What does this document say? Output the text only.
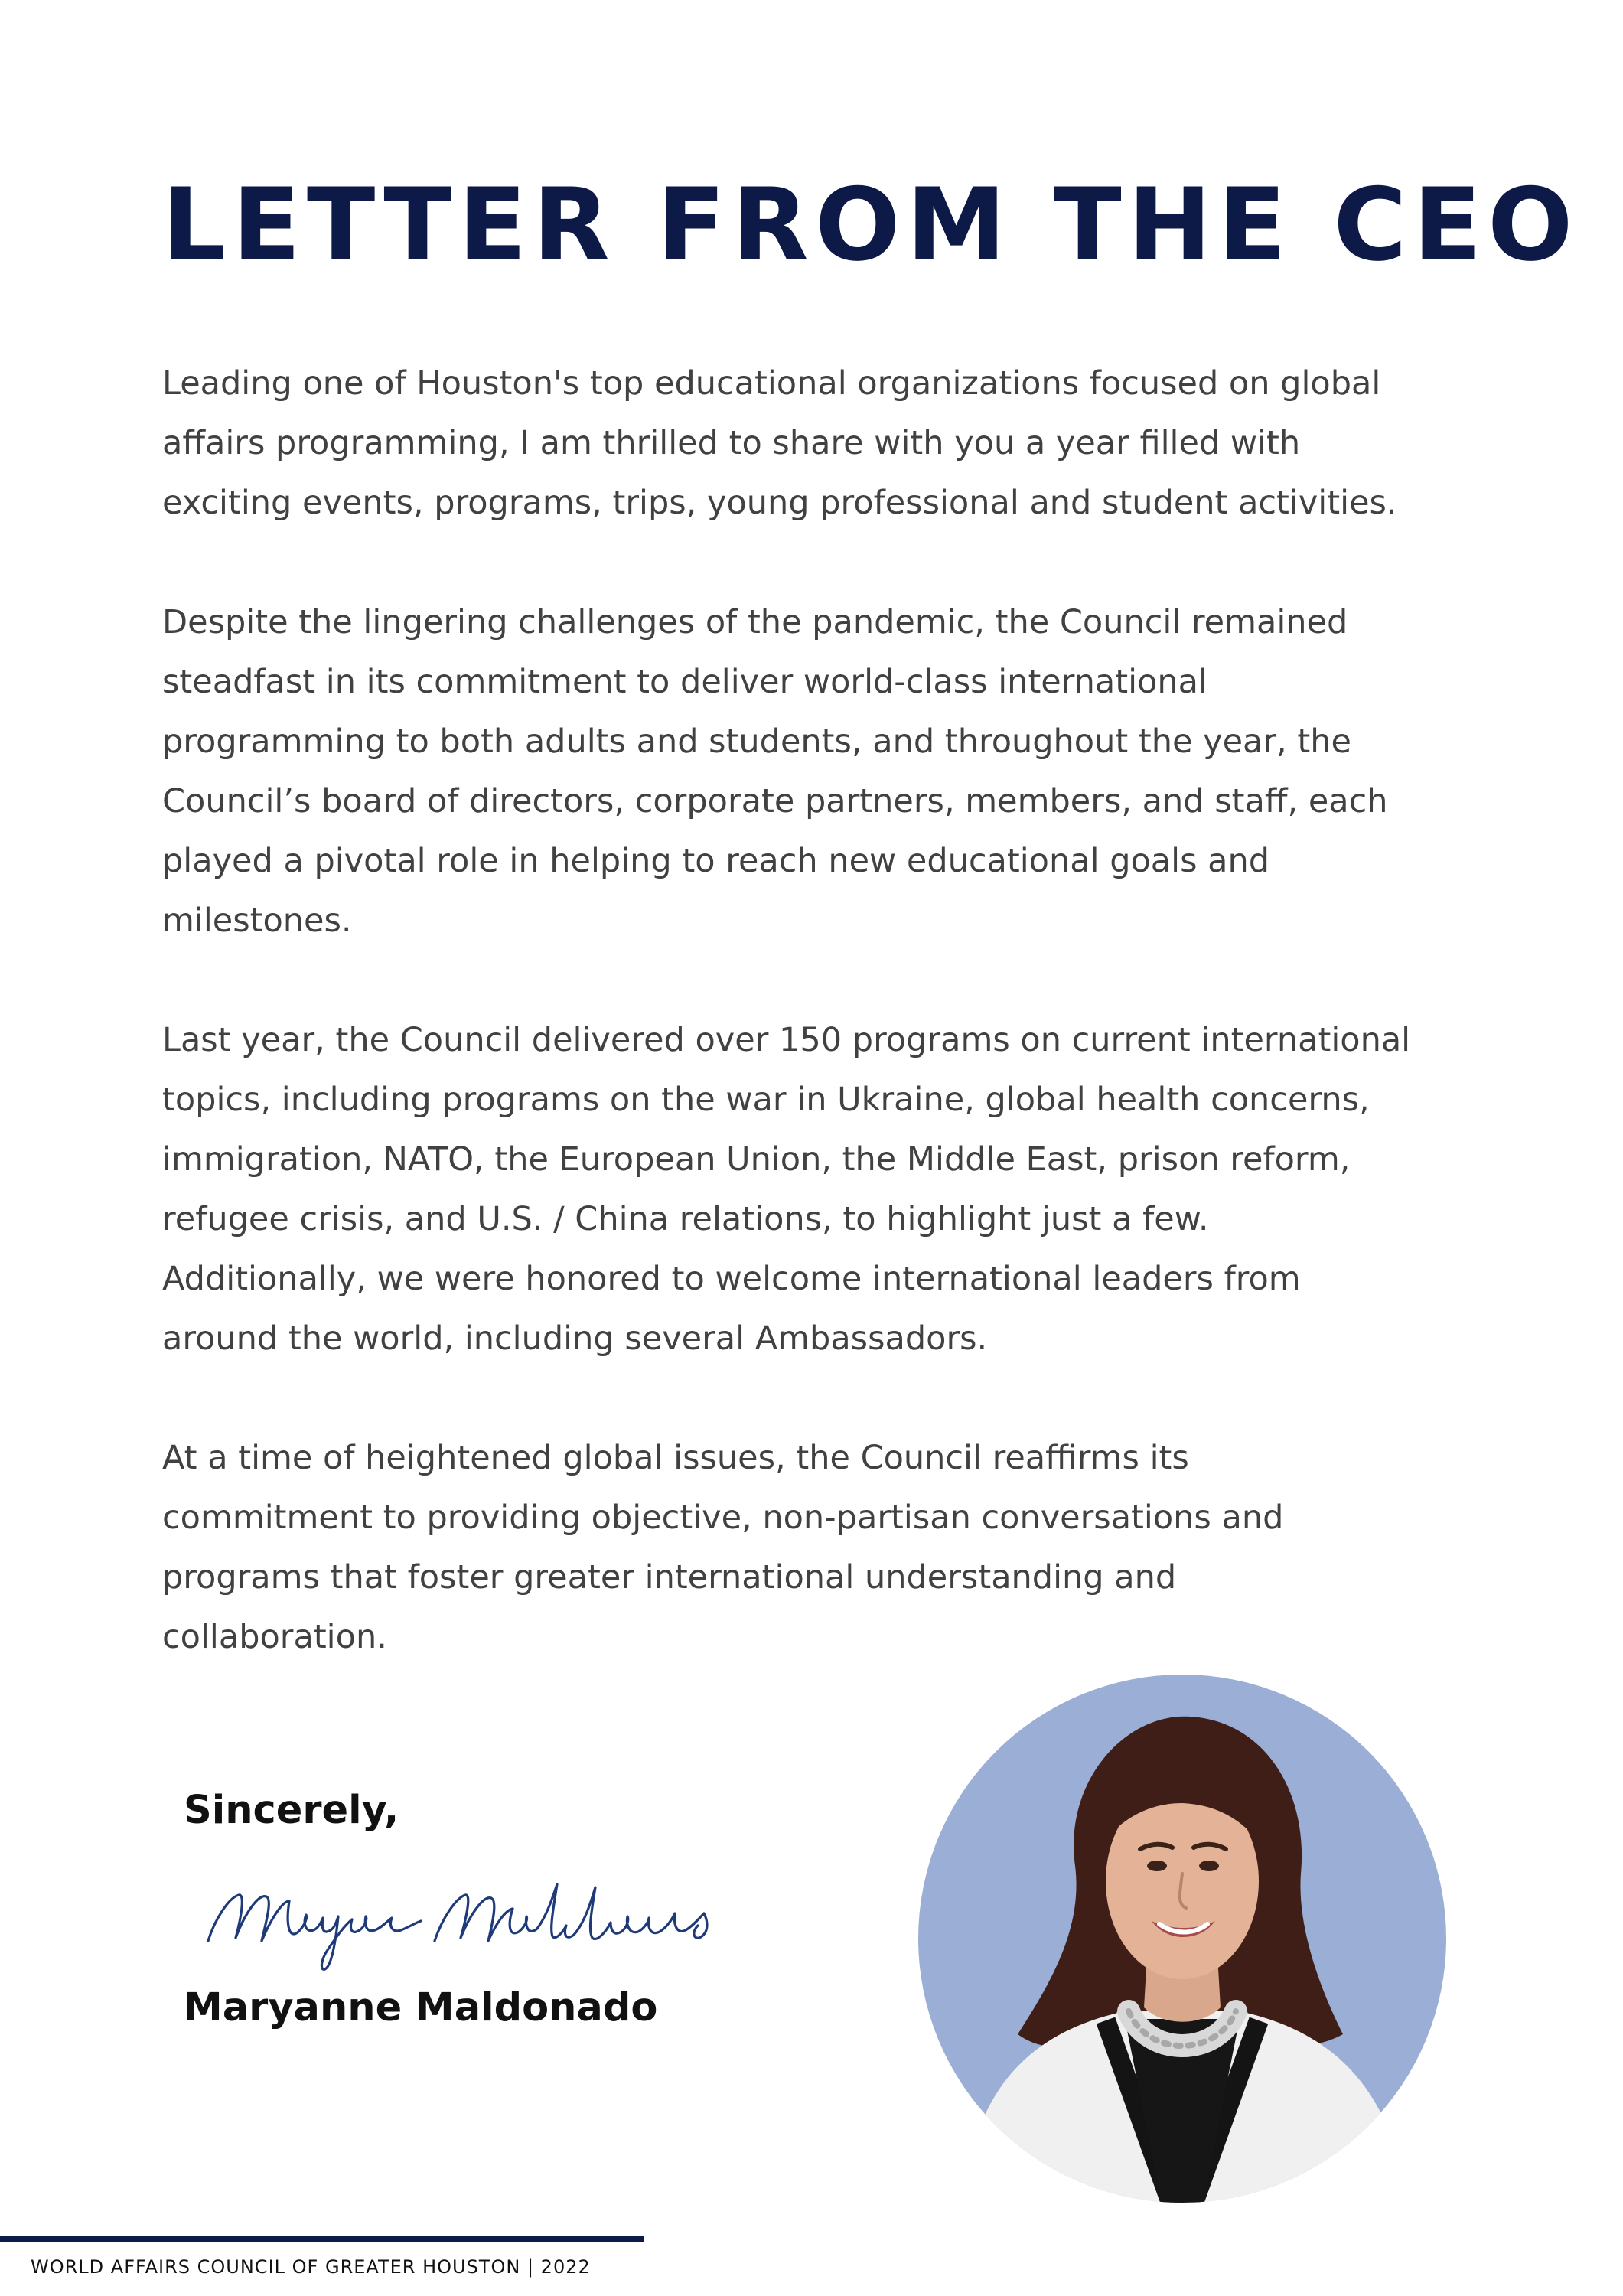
LETTER FROM THE CEO

Leading one of Houston's top educational organizations focused on global
affairs programming, I am thrilled to share with you a year filled with
exciting events, programs, trips, young professional and student activities.

Despite the lingering challenges of the pandemic, the Council remained
steadfast in its commitment to deliver world-class international
programming to both adults and students, and throughout the year, the
Council’s board of directors, corporate partners, members, and staff, each
played a pivotal role in helping to reach new educational goals and
milestones.

Last year, the Council delivered over 150 programs on current international
topics, including programs on the war in Ukraine, global health concerns,
immigration, NATO, the European Union, the Middle East, prison reform,
refugee crisis, and U.S. / China relations, to highlight just a few.
Additionally, we were honored to welcome international leaders from
around the world, including several Ambassadors.

At a time of heightened global issues, the Council reaffirms its
commitment to providing objective, non-partisan conversations and
programs that foster greater international understanding and
collaboration.

Sincerely,

Maryanne Maldonado

WORLD AFFAIRS COUNCIL OF GREATER HOUSTON | 2022
